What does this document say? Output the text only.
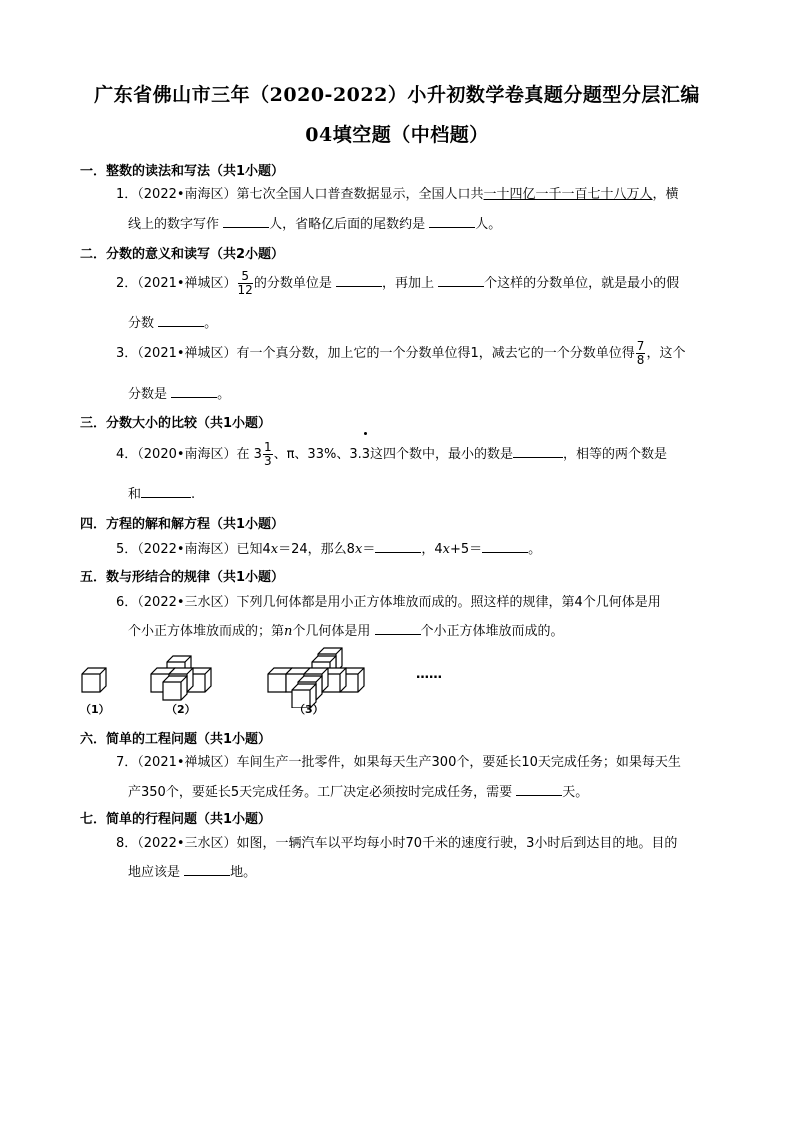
广东省佛山市三年（2020-2022）小升初数学卷真题分题型分层汇编
04填空题（中档题）
一．整数的读法和写法（共1小题）
1．（2022•南海区）第七次全国人口普查数据显示，全国人口共一十四亿一千一百七十八万人，横
线上的数字写作	人，省略亿后面的尾数约是	人。
二．分数的意义和读写（共2小题）
2．（2021•禅城区） $\frac{5}{12}$ 的分数单位是	，再加上	个这样的分数单位，就是最小的假
分数	。
3．（2021•禅城区）有一个真分数，加上它的一个分数单位得1，减去它的一个分数单位得 $\frac{7}{8}$ ，这个
分数是	。
三．分数大小的比较（共1小题）
4．（2020•南海区）在 $3 \frac{1}{3}$ 、π、33%、3.3这四个数中，最小的数是	，相等的两个数是
和	.
四．方程的解和解方程（共1小题）
5．（2022•南海区）已知4x＝24，那么8x＝	，4x+5＝	。
五．数与形结合的规律（共1小题）
6．（2022•三水区）下列几何体都是用小正方体堆放而成的。照这样的规律，第4个几何体是用
个小正方体堆放而成的；第n个几何体是用	个小正方体堆放而成的。
……
（1）	（2）	（3）
六．简单的工程问题（共1小题）
7．（2021•禅城区）车间生产一批零件，如果每天生产300个，要延长10天完成任务；如果每天生
产350个，要延长5天完成任务。工厂决定必须按时完成任务，需要	天。
七．简单的行程问题（共1小题）
8．（2022•三水区）如图，一辆汽车以平均每小时70千米的速度行驶，3小时后到达目的地。目的
地应该是	地。
